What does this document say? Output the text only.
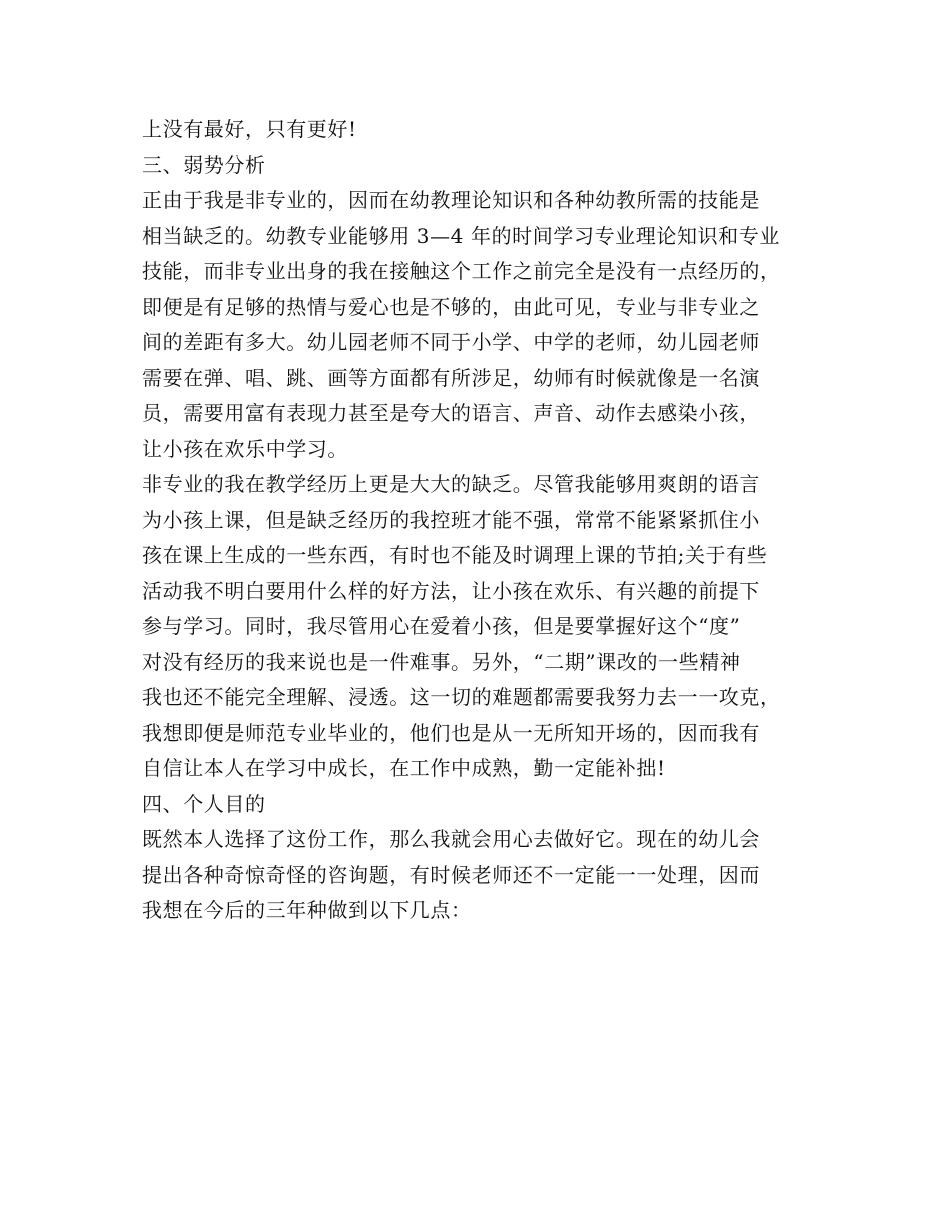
上没有最好，只有更好!
三、弱势分析
正由于我是非专业的，因而在幼教理论知识和各种幼教所需的技能是
相当缺乏的。幼教专业能够用 3—4 年的时间学习专业理论知识和专业
技能，而非专业出身的我在接触这个工作之前完全是没有一点经历的，
即便是有足够的热情与爱心也是不够的，由此可见，专业与非专业之
间的差距有多大。幼儿园老师不同于小学、中学的老师，幼儿园老师
需要在弹、唱、跳、画等方面都有所涉足，幼师有时候就像是一名演
员，需要用富有表现力甚至是夸大的语言、声音、动作去感染小孩，
让小孩在欢乐中学习。
非专业的我在教学经历上更是大大的缺乏。尽管我能够用爽朗的语言
为小孩上课，但是缺乏经历的我控班才能不强，常常不能紧紧抓住小
孩在课上生成的一些东西，有时也不能及时调理上课的节拍;关于有些
活动我不明白要用什么样的好方法，让小孩在欢乐、有兴趣的前提下
参与学习。同时，我尽管用心在爱着小孩，但是要掌握好这个“度”
对没有经历的我来说也是一件难事。另外，“二期”课改的一些精神
我也还不能完全理解、浸透。这一切的难题都需要我努力去一一攻克，
我想即便是师范专业毕业的，他们也是从一无所知开场的，因而我有
自信让本人在学习中成长，在工作中成熟，勤一定能补拙!
四、个人目的
既然本人选择了这份工作，那么我就会用心去做好它。现在的幼儿会
提出各种奇惊奇怪的咨询题，有时候老师还不一定能一一处理，因而
我想在今后的三年种做到以下几点：
